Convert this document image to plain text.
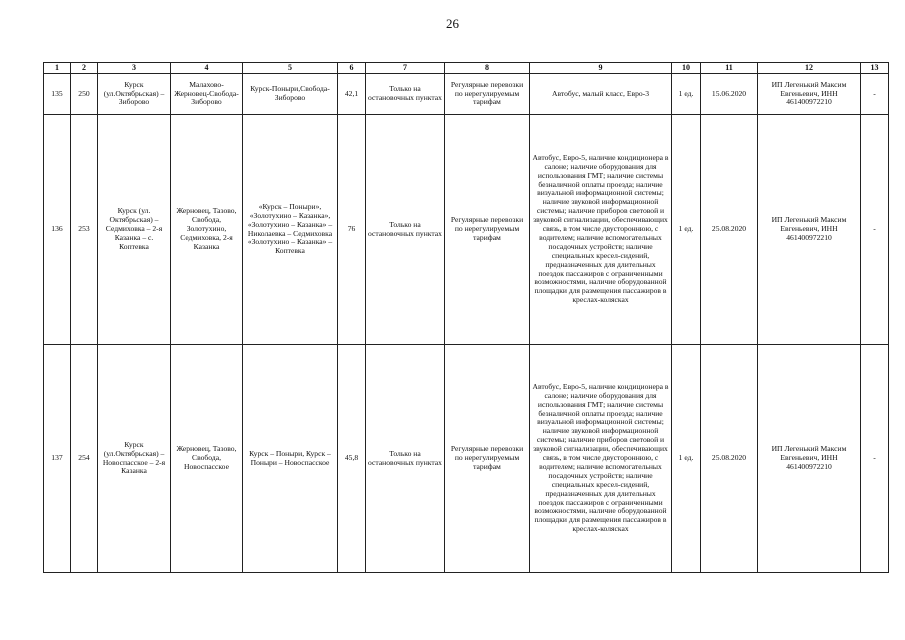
26
1	2	3	4	5	6	7	8	9	10	11	12	13
135	250	Курск (ул.Октябрьская) – Зиборово	Малахово-Жерновец-Свобода-Зиборово	Курск-Поныри,Свобода-Зиборово	42,1	Только на остановочных пунктах	Регулярные перевозки по нерегулируемым тарифам	Автобус, малый класс, Евро-3	1 ед.	15.06.2020	ИП Легенький Максим Евгеньевич, ИНН 461400972210	-
136	253	Курск (ул. Октябрьская) – Седмиховка – 2-я Казанка – с. Коптевка	Жерновец, Тазово, Свобода, Золотухино, Седмиховка, 2-я Казанка	«Курск – Поныри», «Золотухино – Казанка», «Золотухино – Казанка» – Николаевка – Седмиховка «Золотухино – Казанка» – Коптевка	76	Только на остановочных пунктах	Регулярные перевозки по нерегулируемым тарифам	Автобус, Евро-5, наличие кондиционера в салоне; наличие оборудования для использования ГМТ; наличие системы безналичной оплаты проезда; наличие визуальной информационной системы; наличие звуковой информационной системы; наличие приборов световой и звуковой сигнализации, обеспечивающих связь, в том числе двустороннюю, с водителем; наличие вспомогательных посадочных устройств; наличие специальных кресел-сидений, предназначенных для длительных поездок пассажиров с ограниченными возможностями, наличие оборудованной площадки для размещения пассажиров в креслах-колясках	1 ед.	25.08.2020	ИП Легенький Максим Евгеньевич, ИНН 461400972210	-
137	254	Курск (ул.Октябрьская) – Новоспасское – 2-я Казанка	Жерновец, Тазово, Свобода, Новоспасское	Курск – Поныри, Курск – Поныри – Новоспасское	45,8	Только на остановочных пунктах	Регулярные перевозки по нерегулируемым тарифам	Автобус, Евро-5, наличие кондиционера в салоне; наличие оборудования для использования ГМТ; наличие системы безналичной оплаты проезда; наличие визуальной информационной системы; наличие звуковой информационной системы; наличие приборов световой и звуковой сигнализации, обеспечивающих связь, в том числе двустороннюю, с водителем; наличие вспомогательных посадочных устройств; наличие специальных кресел-сидений, предназначенных для длительных поездок пассажиров с ограниченными возможностями, наличие оборудованной площадки для размещения пассажиров в креслах-колясках	1 ед.	25.08.2020	ИП Легенький Максим Евгеньевич, ИНН 461400972210	-
